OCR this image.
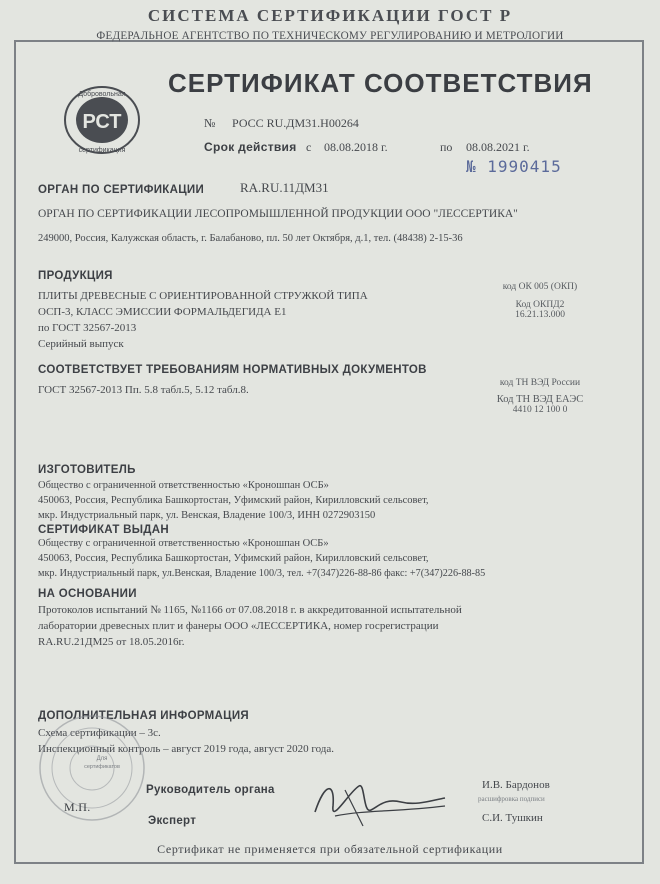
СИСТЕМА СЕРТИФИКАЦИИ ГОСТ Р
ФЕДЕРАЛЬНОЕ АГЕНТСТВО ПО ТЕХНИЧЕСКОМУ РЕГУЛИРОВАНИЮ И МЕТРОЛОГИИ
Добровольная
РСТ
сертификация
СЕРТИФИКАТ СООТВЕТСТВИЯ
№ РОСС RU.ДМ31.Н00264
Срок действия с 08.08.2018 г.	по 08.08.2021 г.
№ 1990415
ОРГАН ПО СЕРТИФИКАЦИИ	RA.RU.11ДМ31
ОРГАН ПО СЕРТИФИКАЦИИ ЛЕСОПРОМЫШЛЕННОЙ ПРОДУКЦИИ ООО "ЛЕССЕРТИКА"
249000, Россия, Калужская область, г. Балабаново, пл. 50 лет Октября, д.1, тел. (48438) 2-15-36
ПРОДУКЦИЯ
ПЛИТЫ ДРЕВЕСНЫЕ С ОРИЕНТИРОВАННОЙ СТРУЖКОЙ ТИПА
ОСП-3, КЛАСС ЭМИССИИ ФОРМАЛЬДЕГИДА Е1
по ГОСТ 32567-2013
Серийный выпуск
код ОК 005 (ОКП)
Код ОКПД2
16.21.13.000
СООТВЕТСТВУЕТ ТРЕБОВАНИЯМ НОРМАТИВНЫХ ДОКУМЕНТОВ
ГОСТ 32567-2013 Пп. 5.8 табл.5, 5.12 табл.8.
код ТН ВЭД России
Код ТН ВЭД ЕАЭС
4410 12 100 0
ИЗГОТОВИТЕЛЬ
Общество с ограниченной ответственностью «Кроношпан ОСБ»
450063, Россия, Республика Башкортостан, Уфимский район, Кирилловский сельсовет,
мкр. Индустриальный парк, ул. Венская, Владение 100/3, ИНН 0272903150
СЕРТИФИКАТ ВЫДАН
Обществу с ограниченной ответственностью «Кроношпан ОСБ»
450063, Россия, Республика Башкортостан, Уфимский район, Кирилловский сельсовет,
мкр. Индустриальный парк, ул.Венская, Владение 100/3, тел. +7(347)226-88-86 факс: +7(347)226-88-85
НА ОСНОВАНИИ
Протоколов испытаний № 1165, №1166 от 07.08.2018 г. в аккредитованной испытательной
лаборатории древесных плит и фанеры ООО «ЛЕССЕРТИКА, номер госрегистрации
RA.RU.21ДМ25 от 18.05.2016г.
ДОПОЛНИТЕЛЬНАЯ ИНФОРМАЦИЯ
Схема сертификации – 3с.
Инспекционный контроль – август 2019 года, август 2020 года.
Для
сертификатов
Руководитель органа	И.В. Бардонов
расшифровка подписи
М.П.
Эксперт	С.И. Тушкин
Сертификат не применяется при обязательной сертификации
